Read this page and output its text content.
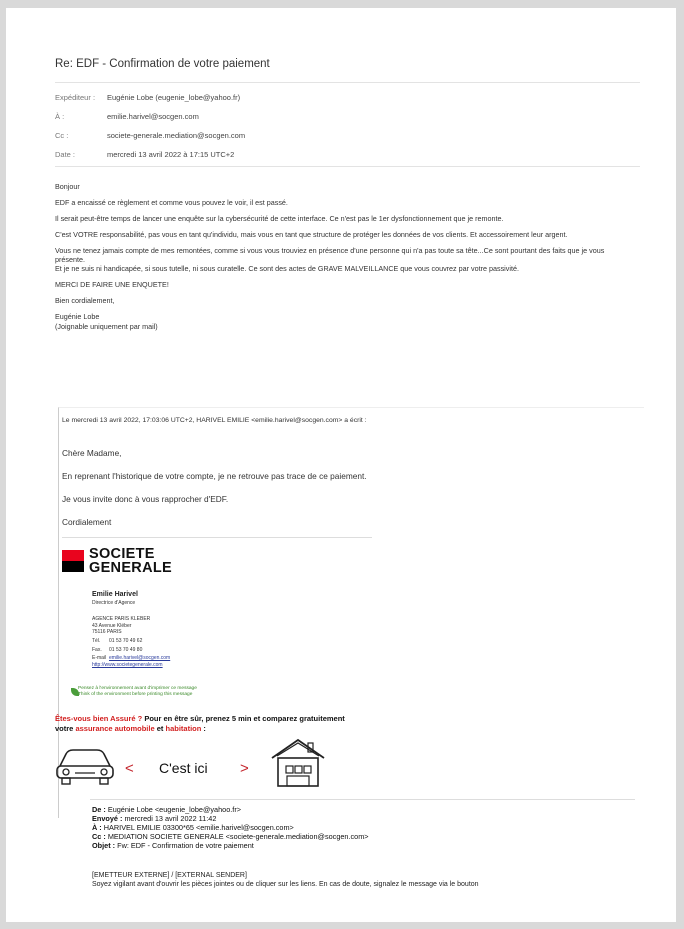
Re: EDF - Confirmation de votre paiement
Expéditeur : Eugénie Lobe (eugenie_lobe@yahoo.fr)
À :	emilie.harivel@socgen.com
Cc :	societe-generale.mediation@socgen.com
Date :	mercredi 13 avril 2022 à 17:15 UTC+2

Bonjour

EDF a encaissé ce règlement et comme vous pouvez le voir, il est passé.

Il serait peut-être temps de lancer une enquête sur la cybersécurité de cette interface. Ce n'est pas le 1er dysfonctionnement que je remonte.

C'est VOTRE responsabilité, pas vous en tant qu'individu, mais vous en tant que structure de protéger les données de vos clients. Et accessoirement leur argent.

Vous ne tenez jamais compte de mes remontées, comme si vous vous trouviez en présence d'une personne qui n'a pas toute sa tête...Ce sont pourtant des faits que je vous présente.

Et je ne suis ni handicapée, si sous tutelle, ni sous curatelle. Ce sont des actes de GRAVE MALVEILLANCE que vous couvrez par votre passivité.

MERCI DE FAIRE UNE ENQUETE!

Bien cordialement,

Eugénie Lobe

(Joignable uniquement par mail)

Le mercredi 13 avril 2022, 17:03:06 UTC+2, HARIVEL EMILIE <emilie.harivel@socgen.com> a écrit :
Chère Madame,
En reprenant l'historique de votre compte, je ne retrouve pas trace de ce paiement.
Je vous invite donc à vous rapprocher d'EDF.
Cordialement
SOCIETE
GENERALE
Emilie Harivel
Directrice d'Agence
AGENCE PARIS KLEBER
43 Avenue Kléber
75116 PARIS
Tél. 01 53 70 49 62
Fax. 01 53 70 49 80
E-mail emilie.harivel@socgen.com
http://www.societegenerale.com
Pensez à l'environnement avant d'imprimer ce message
Think of the environment before printing this message
Êtes-vous bien Assuré ? Pour en être sûr, prenez 5 min et comparez gratuitement
votre assurance automobile et habitation :
< C'est ici >
De : Eugénie Lobe <eugenie_lobe@yahoo.fr>
Envoyé : mercredi 13 avril 2022 11:42
À : HARIVEL EMILIE 03300*65 <emilie.harivel@socgen.com>
Cc : MEDIATION SOCIETE GENERALE <societe-generale.mediation@socgen.com>
Objet : Fw: EDF - Confirmation de votre paiement
[EMETTEUR EXTERNE] / [EXTERNAL SENDER]
Soyez vigilant avant d'ouvrir les pièces jointes ou de cliquer sur les liens. En cas de doute, signalez le message via le bouton
